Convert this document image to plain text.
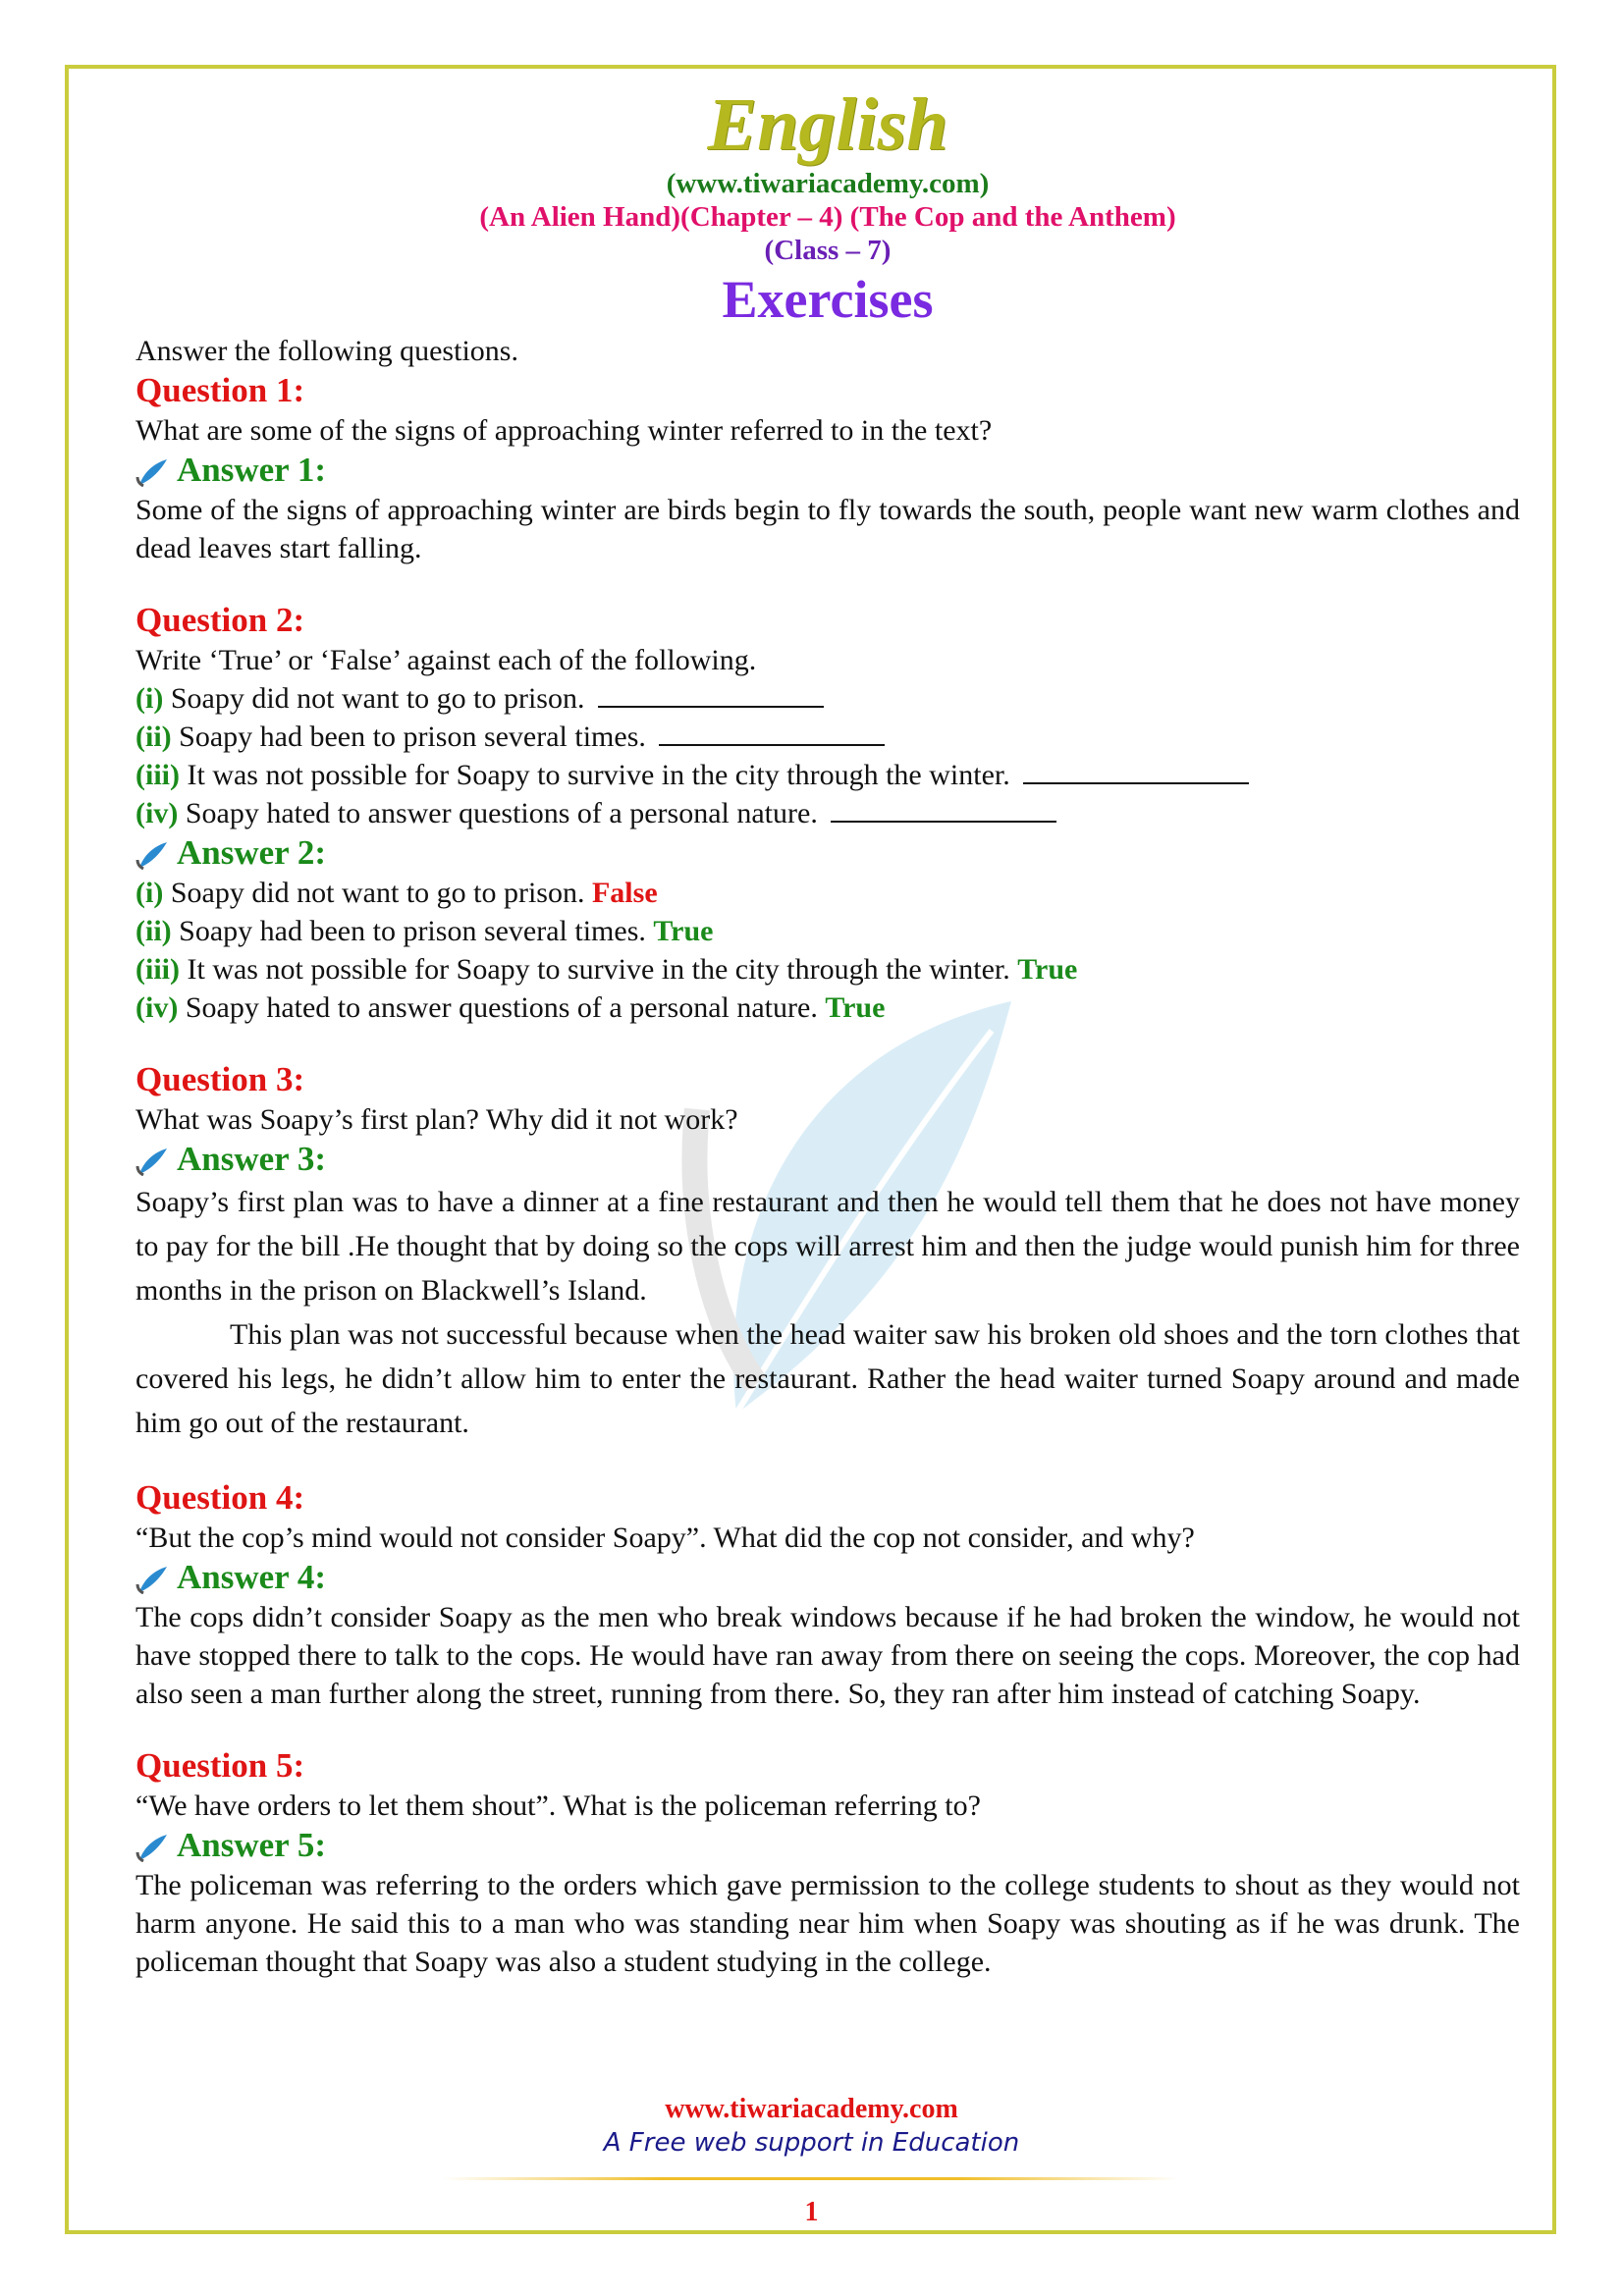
English
(www.tiwariacademy.com)
(An Alien Hand)(Chapter – 4) (The Cop and the Anthem)
(Class – 7)
Exercises

Answer the following questions.

Question 1:

What are some of the signs of approaching winter referred to in the text?

Answer 1:

Some of the signs of approaching winter are birds begin to fly towards the south, people want new warm clothes and dead leaves start falling.

Question 2:

Write ‘True’ or ‘False’ against each of the following.

(i) Soapy did not want to go to prison.

(ii) Soapy had been to prison several times.

(iii) It was not possible for Soapy to survive in the city through the winter.

(iv) Soapy hated to answer questions of a personal nature.

Answer 2:

(i) Soapy did not want to go to prison. False

(ii) Soapy had been to prison several times. True

(iii) It was not possible for Soapy to survive in the city through the winter. True

(iv) Soapy hated to answer questions of a personal nature. True

Question 3:

What was Soapy’s first plan? Why did it not work?

Answer 3:

Soapy’s first plan was to have a dinner at a fine restaurant and then he would tell them that he does not have money to pay for the bill .He thought that by doing so the cops will arrest him and then the judge would punish him for three months in the prison on Blackwell’s Island.

This plan was not successful because when the head waiter saw his broken old shoes and the torn clothes that covered his legs, he didn’t allow him to enter the restaurant. Rather the head waiter turned Soapy around and made him go out of the restaurant.

Question 4:

“But the cop’s mind would not consider Soapy”. What did the cop not consider, and why?

Answer 4:

The cops didn’t consider Soapy as the men who break windows because if he had broken the window, he would not have stopped there to talk to the cops. He would have ran away from there on seeing the cops. Moreover, the cop had also seen a man further along the street, running from there. So, they ran after him instead of catching Soapy.

Question 5:

“We have orders to let them shout”. What is the policeman referring to?

Answer 5:

The policeman was referring to the orders which gave permission to the college students to shout as they would not harm anyone. He said this to a man who was standing near him when Soapy was shouting as if he was drunk. The policeman thought that Soapy was also a student studying in the college.

www.tiwariacademy.com
A Free web support in Education
1
